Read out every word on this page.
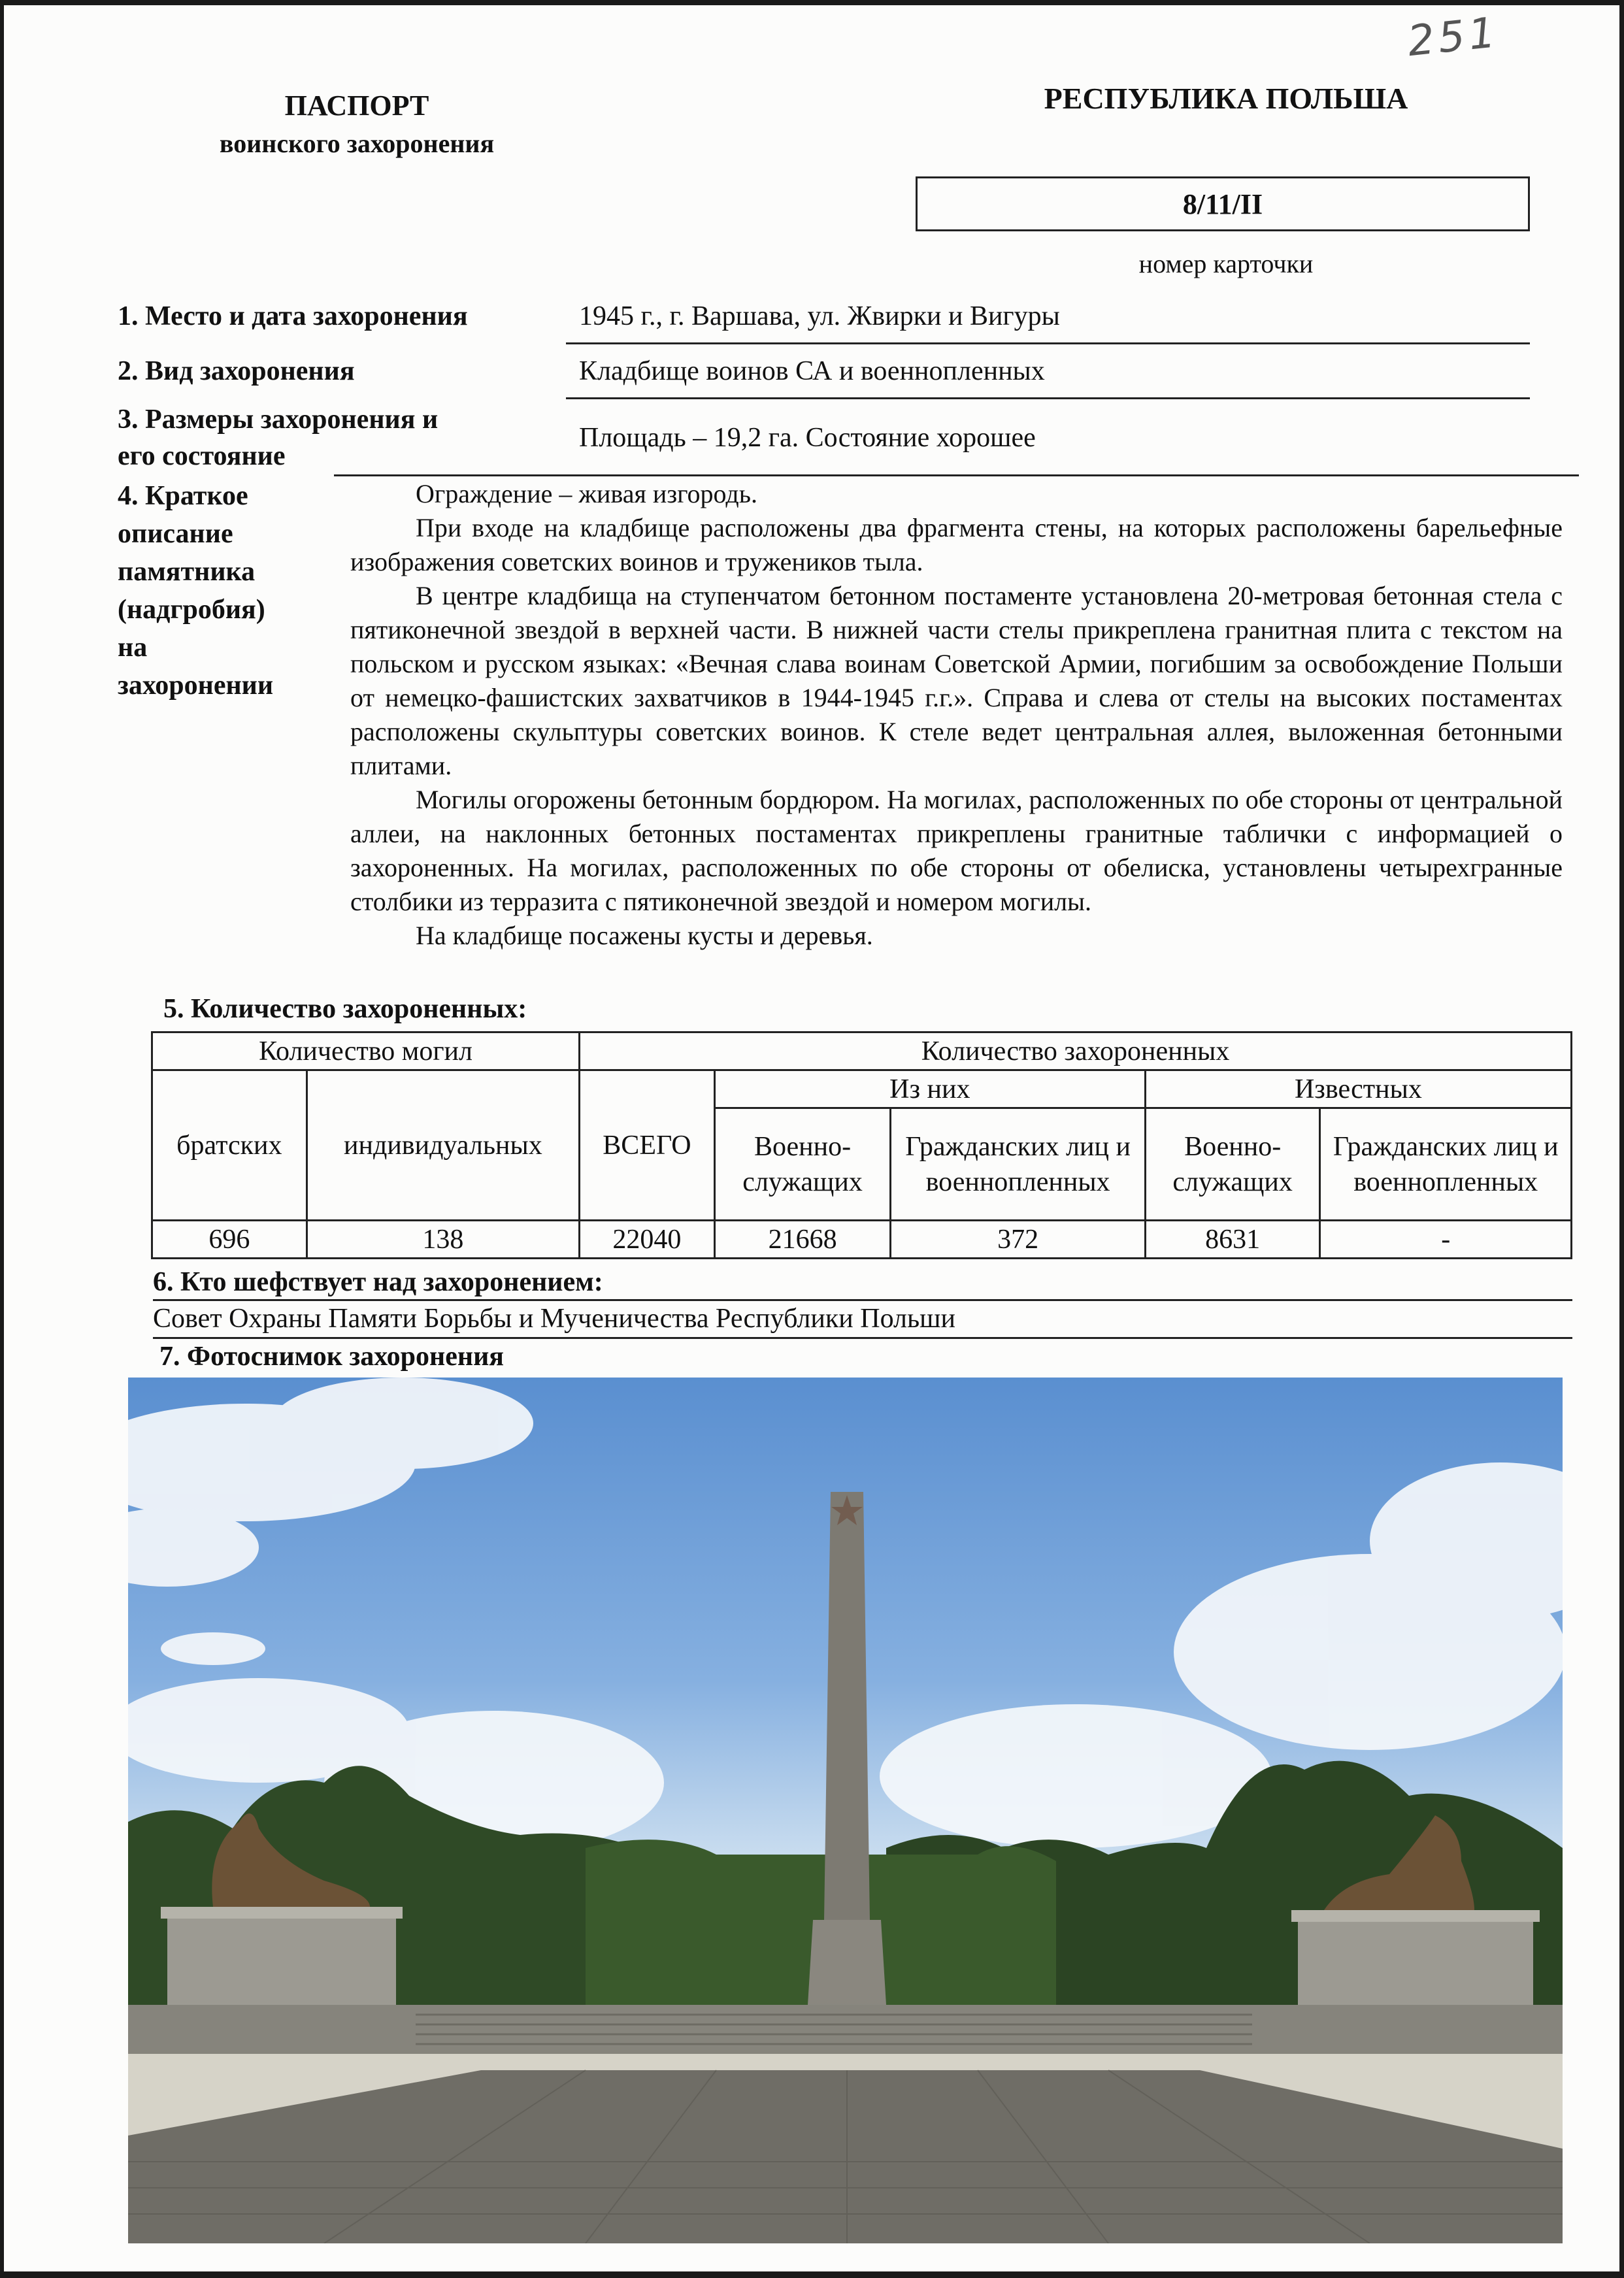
251
ПАСПОРТ
воинского захоронения
РЕСПУБЛИКА ПОЛЬША
8/11/II
номер карточки
1. Место и дата захоронения	1945 г., г. Варшава, ул. Жвирки и Вигуры
2. Вид захоронения	Кладбище воинов СА и военнопленных
3. Размеры захоронения и
его состояние
Площадь – 19,2 га. Состояние хорошее
4. Краткое
описание
памятника
(надгробия)
на
захоронении

Ограждение – живая изгородь.

При входе на кладбище расположены два фрагмента стены, на которых расположены барельефные изображения советских воинов и тружеников тыла.

В центре кладбища на ступенчатом бетонном постаменте установлена 20-метровая бетонная стела с пятиконечной звездой в верхней части. В нижней части стелы прикреплена гранитная плита с текстом на польском и русском языках: «Вечная слава воинам Советской Армии, погибшим за освобождение Польши от немецко-фашистских захватчиков в 1944-1945 г.г.». Справа и слева от стелы на высоких постаментах расположены скульптуры советских воинов. К стеле ведет центральная аллея, выложенная бетонными плитами.

Могилы огорожены бетонным бордюром. На могилах, расположенных по обе стороны от центральной аллеи, на наклонных бетонных постаментах прикреплены гранитные таблички с информацией о захороненных. На могилах, расположенных по обе стороны от обелиска, установлены четырехгранные столбики из терразита с пятиконечной звездой и номером могилы.

На кладбище посажены кусты и деревья.

5. Количество захороненных:
Количество могил		Количество захороненных				
братских	индивидуальных	ВСЕГО	Из них		Известных	
			Военно-служащих	Гражданских лиц и военнопленных	Военно-служащих	Гражданских лиц и военнопленных
696	138	22040	21668	372	8631	-
6. Кто шефствует над захоронением:
Совет Охраны Памяти Борьбы и Мученичества Республики Польши
7. Фотоснимок захоронения
